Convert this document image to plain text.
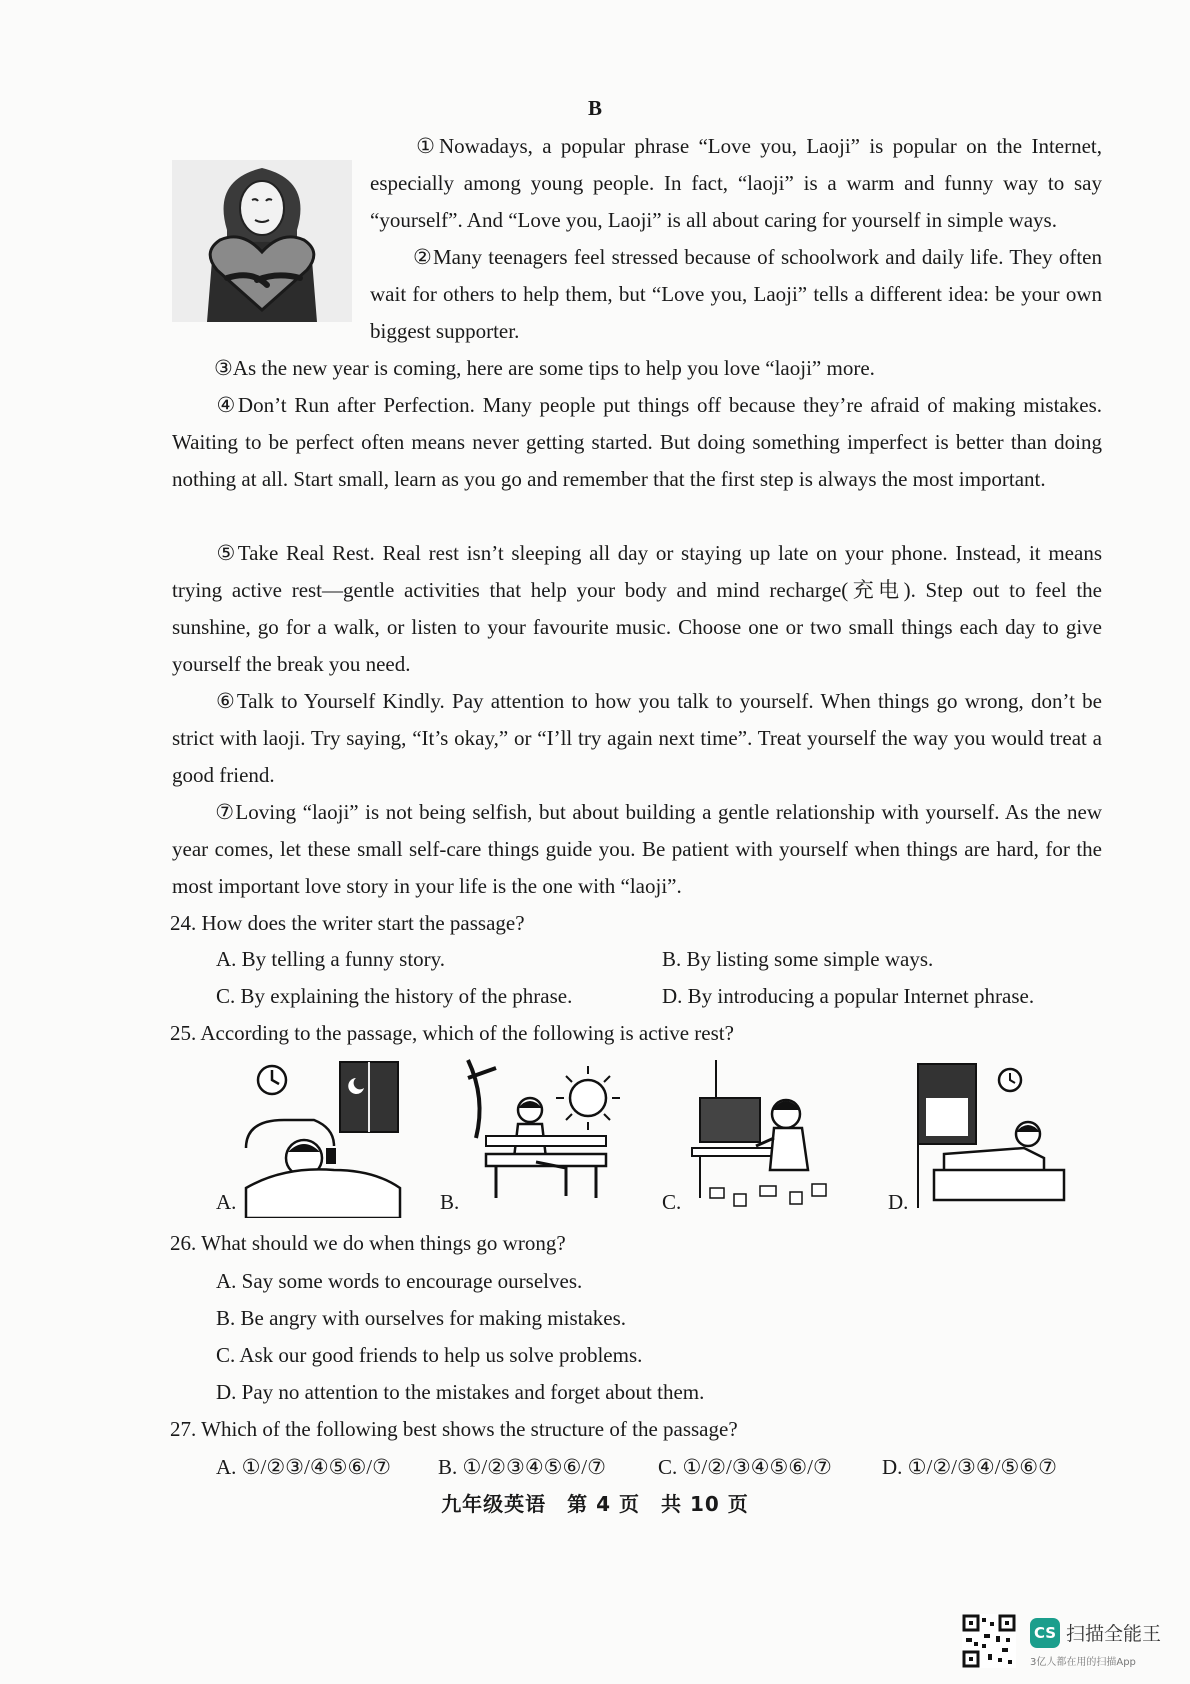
B

①Nowadays, a popular phrase “Love you, Laoji” is popular on the Internet, especially among young people. In fact, “laoji” is a warm and funny way to say “yourself”. And “Love you, Laoji” is all about caring for yourself in simple ways.

②Many teenagers feel stressed because of schoolwork and daily life. They often wait for others to help them, but “Love you, Laoji” tells a different idea: be your own biggest supporter.

③As the new year is coming, here are some tips to help you love “laoji” more.

④Don’t Run after Perfection. Many people put things off because they’re afraid of making mistakes. Waiting to be perfect often means never getting started. But doing something imperfect is better than doing nothing at all. Start small, learn as you go and remember that the first step is always the most important.

⑤Take Real Rest. Real rest isn’t sleeping all day or staying up late on your phone. Instead, it means trying active rest—gentle activities that help your body and mind recharge(充电). Step out to feel the sunshine, go for a walk, or listen to your favourite music. Choose one or two small things each day to give yourself the break you need.

⑥Talk to Yourself Kindly. Pay attention to how you talk to yourself. When things go wrong, don’t be strict with laoji. Try saying, “It’s okay,” or “I’ll try again next time”. Treat yourself the way you would treat a good friend.

⑦Loving “laoji” is not being selfish, but about building a gentle relationship with yourself. As the new year comes, let these small self-care things guide you. Be patient with yourself when things are hard, for the most important love story in your life is the one with “laoji”.

24. How does the writer start the passage?

A. By telling a funny story.	B. By listing some simple ways.

C. By explaining the history of the phrase.	D. By introducing a popular Internet phrase.

25. According to the passage, which of the following is active rest?

A.	B.	C.	D.

26. What should we do when things go wrong?

A. Say some words to encourage ourselves.

B. Be angry with ourselves for making mistakes.

C. Ask our good friends to help us solve problems.

D. Pay no attention to the mistakes and forget about them.

27. Which of the following best shows the structure of the passage?

A. ①/②③/④⑤⑥/⑦ B. ①/②③④⑤⑥/⑦ C. ①/②/③④⑤⑥/⑦ D. ①/②/③④/⑤⑥⑦

九年级英语　第 4 页　共 10 页
CS 扫描全能王
3亿人都在用的扫描App
